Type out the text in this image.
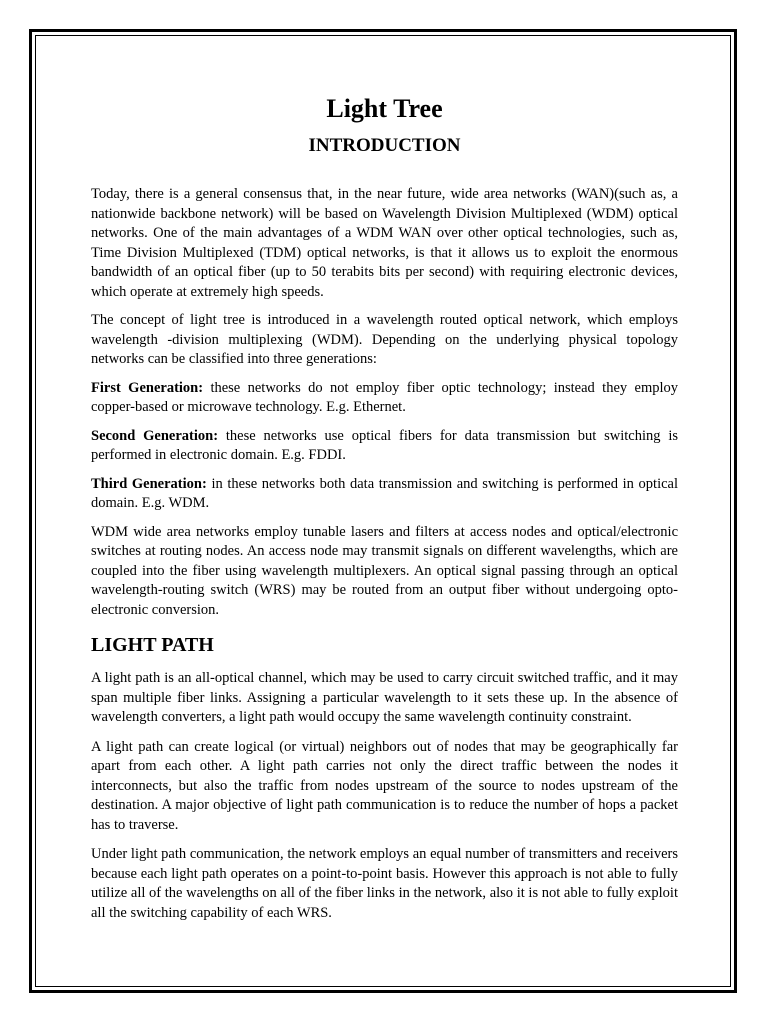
Light Tree
INTRODUCTION

Today, there is a general consensus that, in the near future, wide area networks (WAN)(such as, a nationwide backbone network) will be based on Wavelength Division Multiplexed (WDM) optical networks. One of the main advantages of a WDM WAN over other optical technologies, such as, Time Division Multiplexed (TDM) optical networks, is that it allows us to exploit the enormous bandwidth of an optical fiber (up to 50 terabits bits per second) with requiring electronic devices, which operate at extremely high speeds.

The concept of light tree is introduced in a wavelength routed optical network, which employs wavelength -division multiplexing (WDM). Depending on the underlying physical topology networks can be classified into three generations:

First Generation: these networks do not employ fiber optic technology; instead they employ copper-based or microwave technology. E.g. Ethernet.

Second Generation: these networks use optical fibers for data transmission but switching is performed in electronic domain. E.g. FDDI.

Third Generation: in these networks both data transmission and switching is performed in optical domain. E.g. WDM.

WDM wide area networks employ tunable lasers and filters at access nodes and optical/electronic switches at routing nodes. An access node may transmit signals on different wavelengths, which are coupled into the fiber using wavelength multiplexers. An optical signal passing through an optical wavelength-routing switch (WRS) may be routed from an output fiber without undergoing opto-electronic conversion.

LIGHT PATH

A light path is an all-optical channel, which may be used to carry circuit switched traffic, and it may span multiple fiber links. Assigning a particular wavelength to it sets these up. In the absence of wavelength converters, a light path would occupy the same wavelength continuity constraint.

A light path can create logical (or virtual) neighbors out of nodes that may be geographically far apart from each other. A light path carries not only the direct traffic between the nodes it interconnects, but also the traffic from nodes upstream of the source to nodes upstream of the destination. A major objective of light path communication is to reduce the number of hops a packet has to traverse.

Under light path communication, the network employs an equal number of transmitters and receivers because each light path operates on a point-to-point basis. However this approach is not able to fully utilize all of the wavelengths on all of the fiber links in the network, also it is not able to fully exploit all the switching capability of each WRS.
